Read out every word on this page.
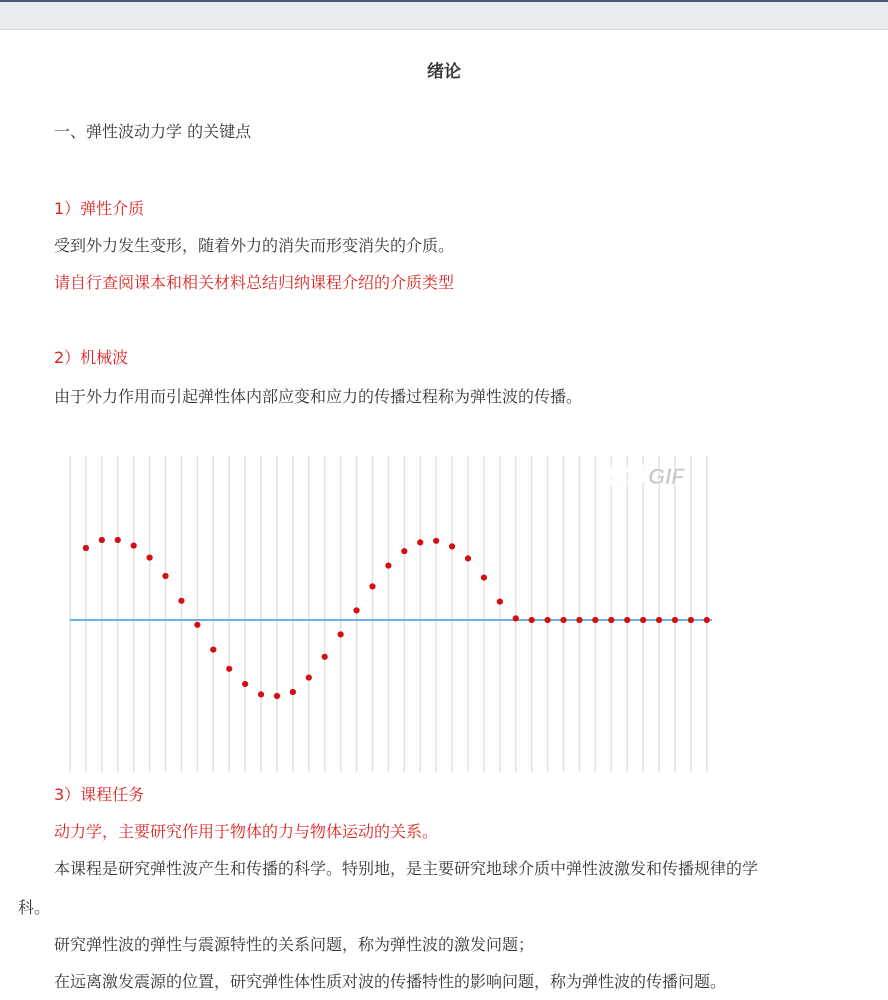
绪论
一、弹性波动力学 的关键点
1）弹性介质
受到外力发生变形，随着外力的消失而形变消失的介质。
请自行查阅课本和相关材料总结归纳课程介绍的介质类型
2）机械波
由于外力作用而引起弹性体内部应变和应力的传播过程称为弹性波的传播。
微软GIF
3）课程任务
动力学，主要研究作用于物体的力与物体运动的关系。
本课程是研究弹性波产生和传播的科学。特别地，是主要研究地球介质中弹性波激发和传播规律的学
科。
研究弹性波的弹性与震源特性的关系问题，称为弹性波的激发问题；
在远离激发震源的位置，研究弹性体性质对波的传播特性的影响问题，称为弹性波的传播问题。
